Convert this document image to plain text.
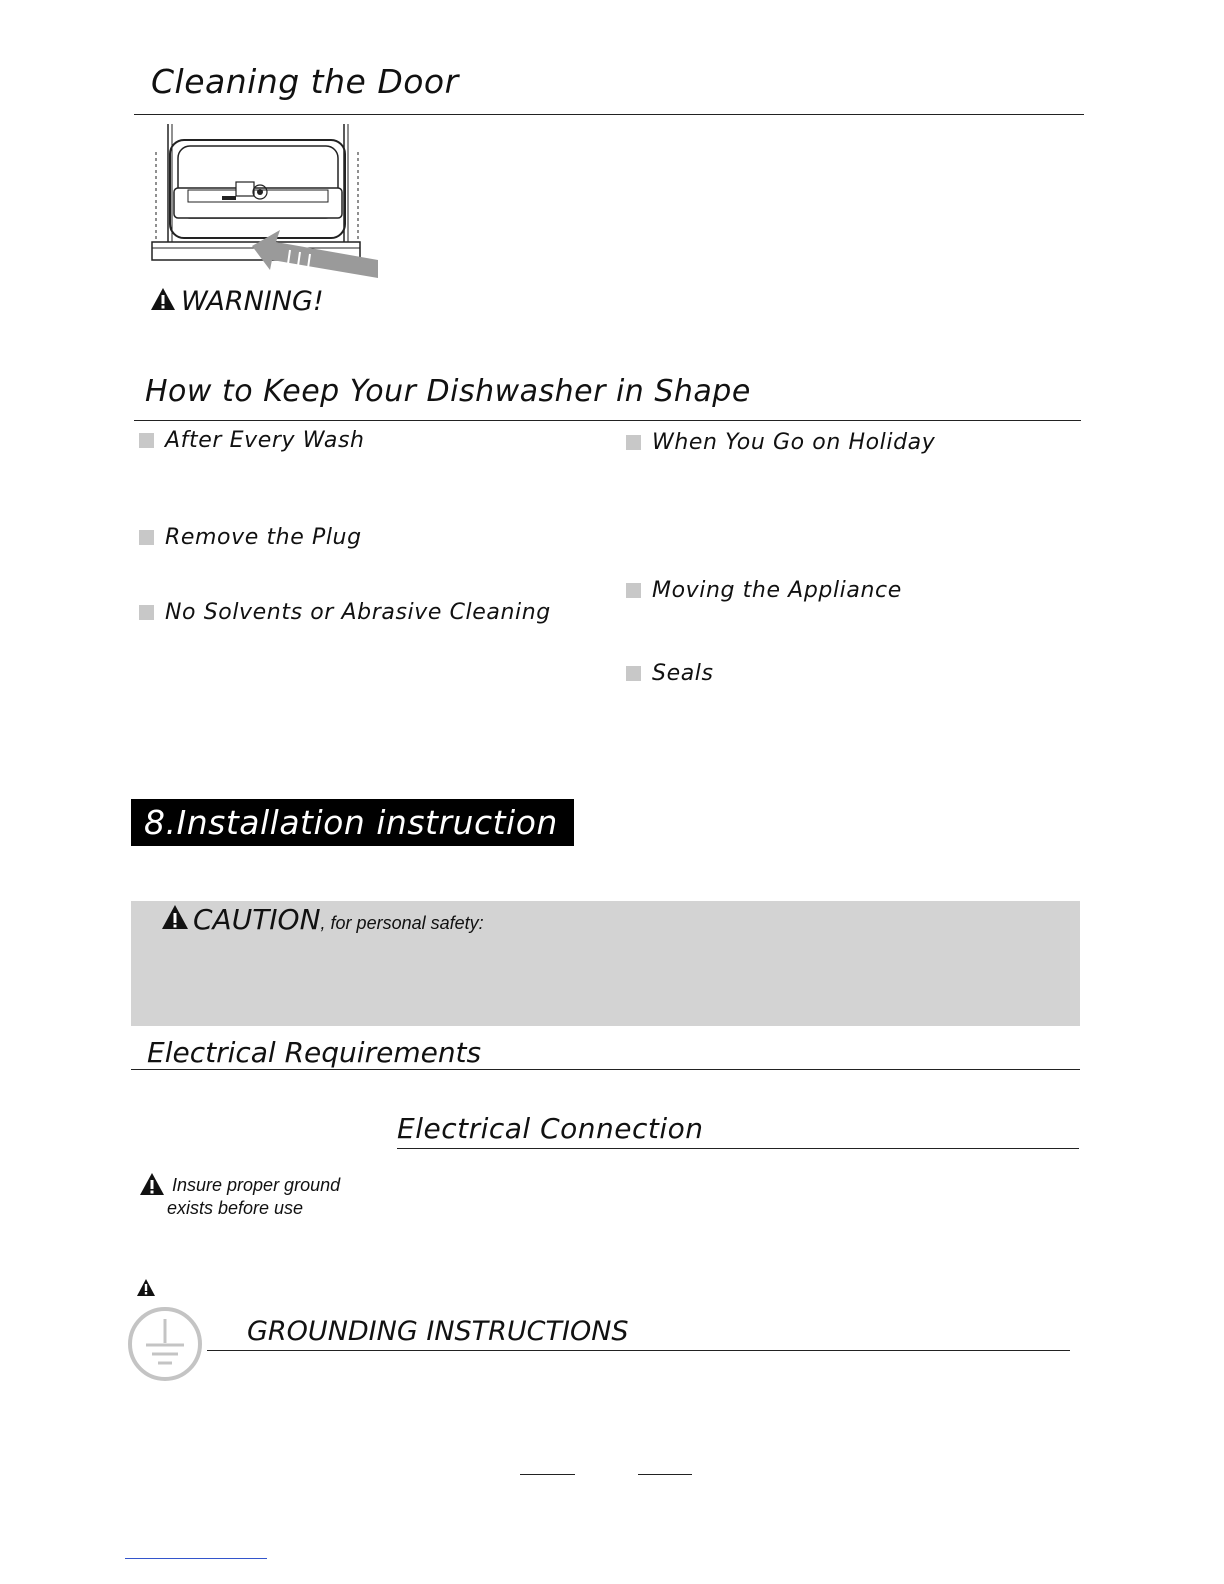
Cleaning the Door
WARNING!
How to Keep Your Dishwasher in Shape
After Every Wash
Remove the Plug
No Solvents or Abrasive Cleaning
When You Go on Holiday
Moving the Appliance
Seals
8.Installation instruction
CAUTION , for personal safety:
Electrical Requirements
Electrical Connection
Insure proper ground
exists before use
GROUNDING INSTRUCTIONS
